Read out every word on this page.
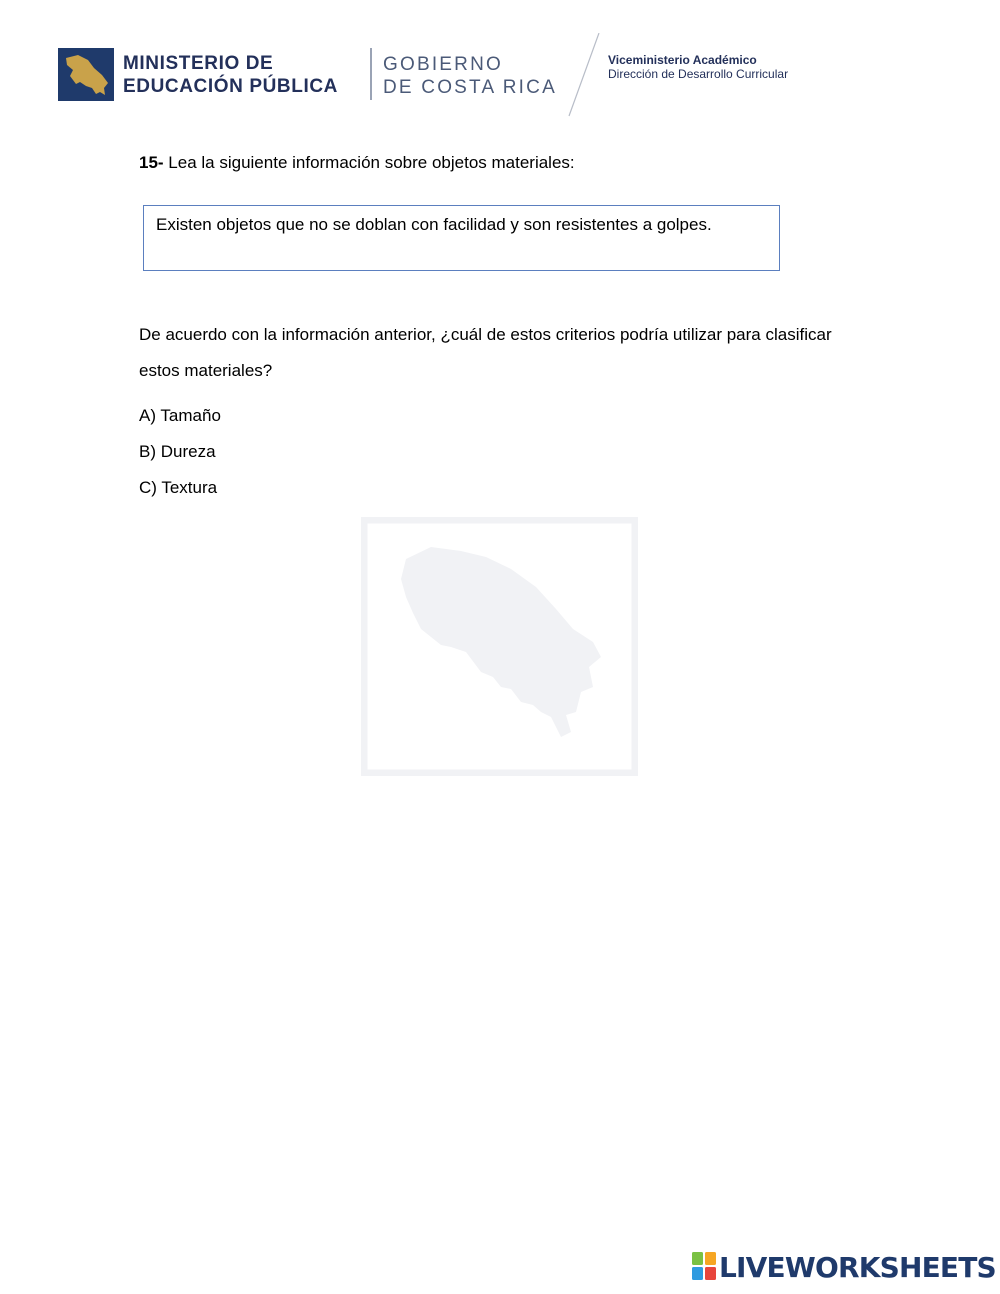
MINISTERIO DE
EDUCACIÓN PÚBLICA
GOBIERNO
DE COSTA RICA
Viceministerio Académico
Dirección de Desarrollo Curricular
15- Lea la siguiente información sobre objetos materiales:
Existen objetos que no se doblan con facilidad y son resistentes a golpes.
De acuerdo con la información anterior, ¿cuál de estos criterios podría utilizar para clasificar estos materiales?
A) Tamaño
B) Dureza
C) Textura
LIVEWORKSHEETS
